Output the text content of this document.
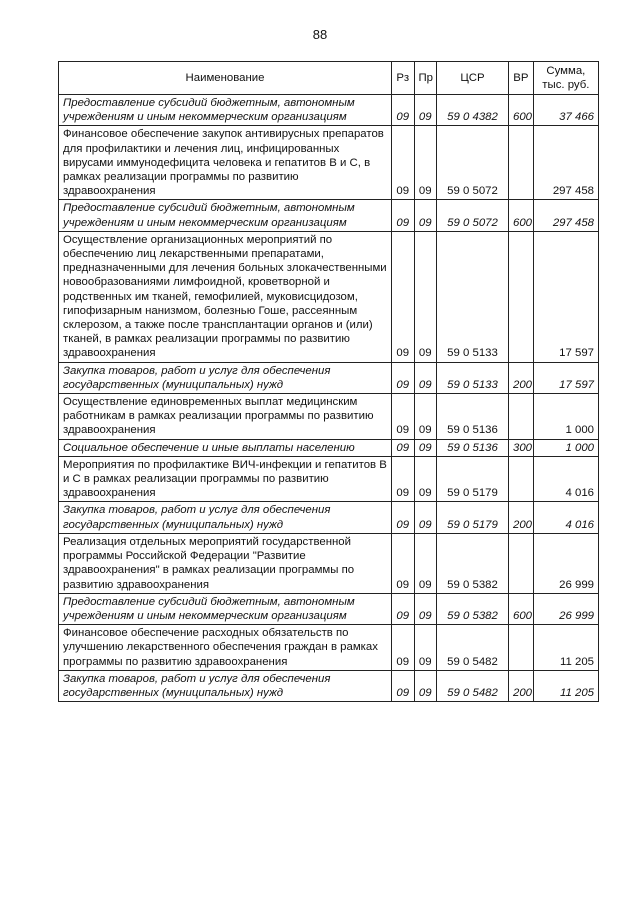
88
Наименование	Рз	Пр	ЦСР	ВР	Сумма, тыс. руб.
Предоставление субсидий бюджетным, автономным учреждениям и иным некоммерческим организациям	09	09	59 0 4382	600	37 466
Финансовое обеспечение закупок антивирусных препаратов для профилактики и лечения лиц, инфицированных вирусами иммунодефицита человека и гепатитов В и С, в рамках реализации программы по развитию здравоохранения	09	09	59 0 5072		297 458
Предоставление субсидий бюджетным, автономным учреждениям и иным некоммерческим организациям	09	09	59 0 5072	600	297 458
Осуществление организационных мероприятий по обеспечению лиц лекарственными препаратами, предназначенными для лечения больных злокачественными новообразованиями лимфоидной, кроветворной и родственных им тканей, гемофилией, муковисцидозом, гипофизарным нанизмом, болезнью Гоше, рассеянным склерозом, а также после трансплантации органов и (или) тканей, в рамках реализации программы по развитию здравоохранения	09	09	59 0 5133		17 597
Закупка товаров, работ и услуг для обеспечения государственных (муниципальных) нужд	09	09	59 0 5133	200	17 597
Осуществление единовременных выплат медицинским работникам в рамках реализации программы по развитию здравоохранения	09	09	59 0 5136		1 000
Социальное обеспечение и иные выплаты населению	09	09	59 0 5136	300	1 000
Мероприятия по профилактике ВИЧ-инфекции и гепатитов В и С в рамках реализации программы по развитию здравоохранения	09	09	59 0 5179		4 016
Закупка товаров, работ и услуг для обеспечения государственных (муниципальных) нужд	09	09	59 0 5179	200	4 016
Реализация отдельных мероприятий государственной программы Российской Федерации "Развитие здравоохранения" в рамках реализации программы по развитию здравоохранения	09	09	59 0 5382		26 999
Предоставление субсидий бюджетным, автономным учреждениям и иным некоммерческим организациям	09	09	59 0 5382	600	26 999
Финансовое обеспечение расходных обязательств по улучшению лекарственного обеспечения граждан в рамках программы по развитию здравоохранения	09	09	59 0 5482		11 205
Закупка товаров, работ и услуг для обеспечения государственных (муниципальных) нужд	09	09	59 0 5482	200	11 205
